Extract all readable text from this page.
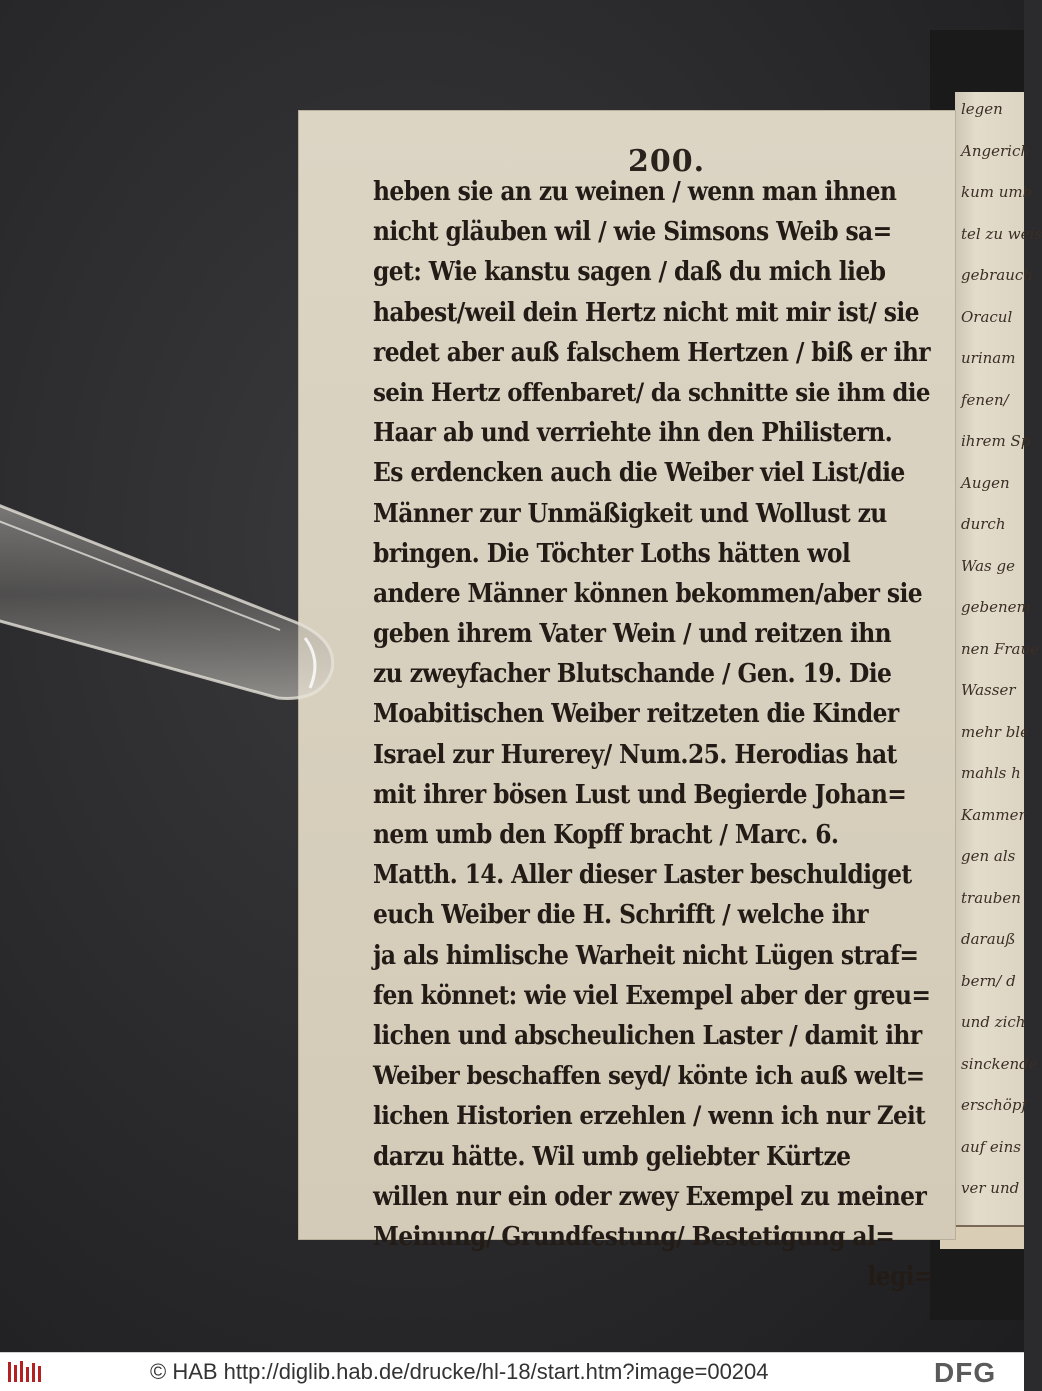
legen
Angerich
kum umb
tel zu weis
gebrauch
Oracul
urinam
fenen/
ihrem Sp
Augen
durch
Was ge
gebenem
nen Fraue
Wasser
mehr ble
mahls h
Kammer
gen als
trauben
darauß
bern/ d
und zich
sinckende
erschöpf
auf eins
ver und
200.
heben sie an zu weinen / wenn man ihnen
nicht gläuben wil / wie Simsons Weib sa=
get: Wie kanstu sagen / daß du mich lieb
habest/weil dein Hertz nicht mit mir ist/ sie
redet aber auß falschem Hertzen / biß er ihr
sein Hertz offenbaret/ da schnitte sie ihm die
Haar ab und verriehte ihn den Philistern.
Es erdencken auch die Weiber viel List/die
Männer zur Unmäßigkeit und Wollust zu
bringen. Die Töchter Loths hätten wol
andere Männer können bekommen/aber sie
geben ihrem Vater Wein / und reitzen ihn
zu zweyfacher Blutschande / Gen. 19. Die
Moabitischen Weiber reitzeten die Kinder
Israel zur Hurerey/ Num.25. Herodias hat
mit ihrer bösen Lust und Begierde Johan=
nem umb den Kopff bracht / Marc. 6.
Matth. 14. Aller dieser Laster beschuldiget
euch Weiber die H. Schrifft / welche ihr
ja als himlische Warheit nicht Lügen straf=
fen könnet: wie viel Exempel aber der greu=
lichen und abscheulichen Laster / damit ihr
Weiber beschaffen seyd/ könte ich auß welt=
lichen Historien erzehlen / wenn ich nur Zeit
darzu hätte. Wil umb geliebter Kürtze
willen nur ein oder zwey Exempel zu meiner
Meinung/ Grundfestung/ Bestetigung al=
legi=
© HAB http://diglib.hab.de/drucke/hl-18/start.htm?image=00204	DFG
